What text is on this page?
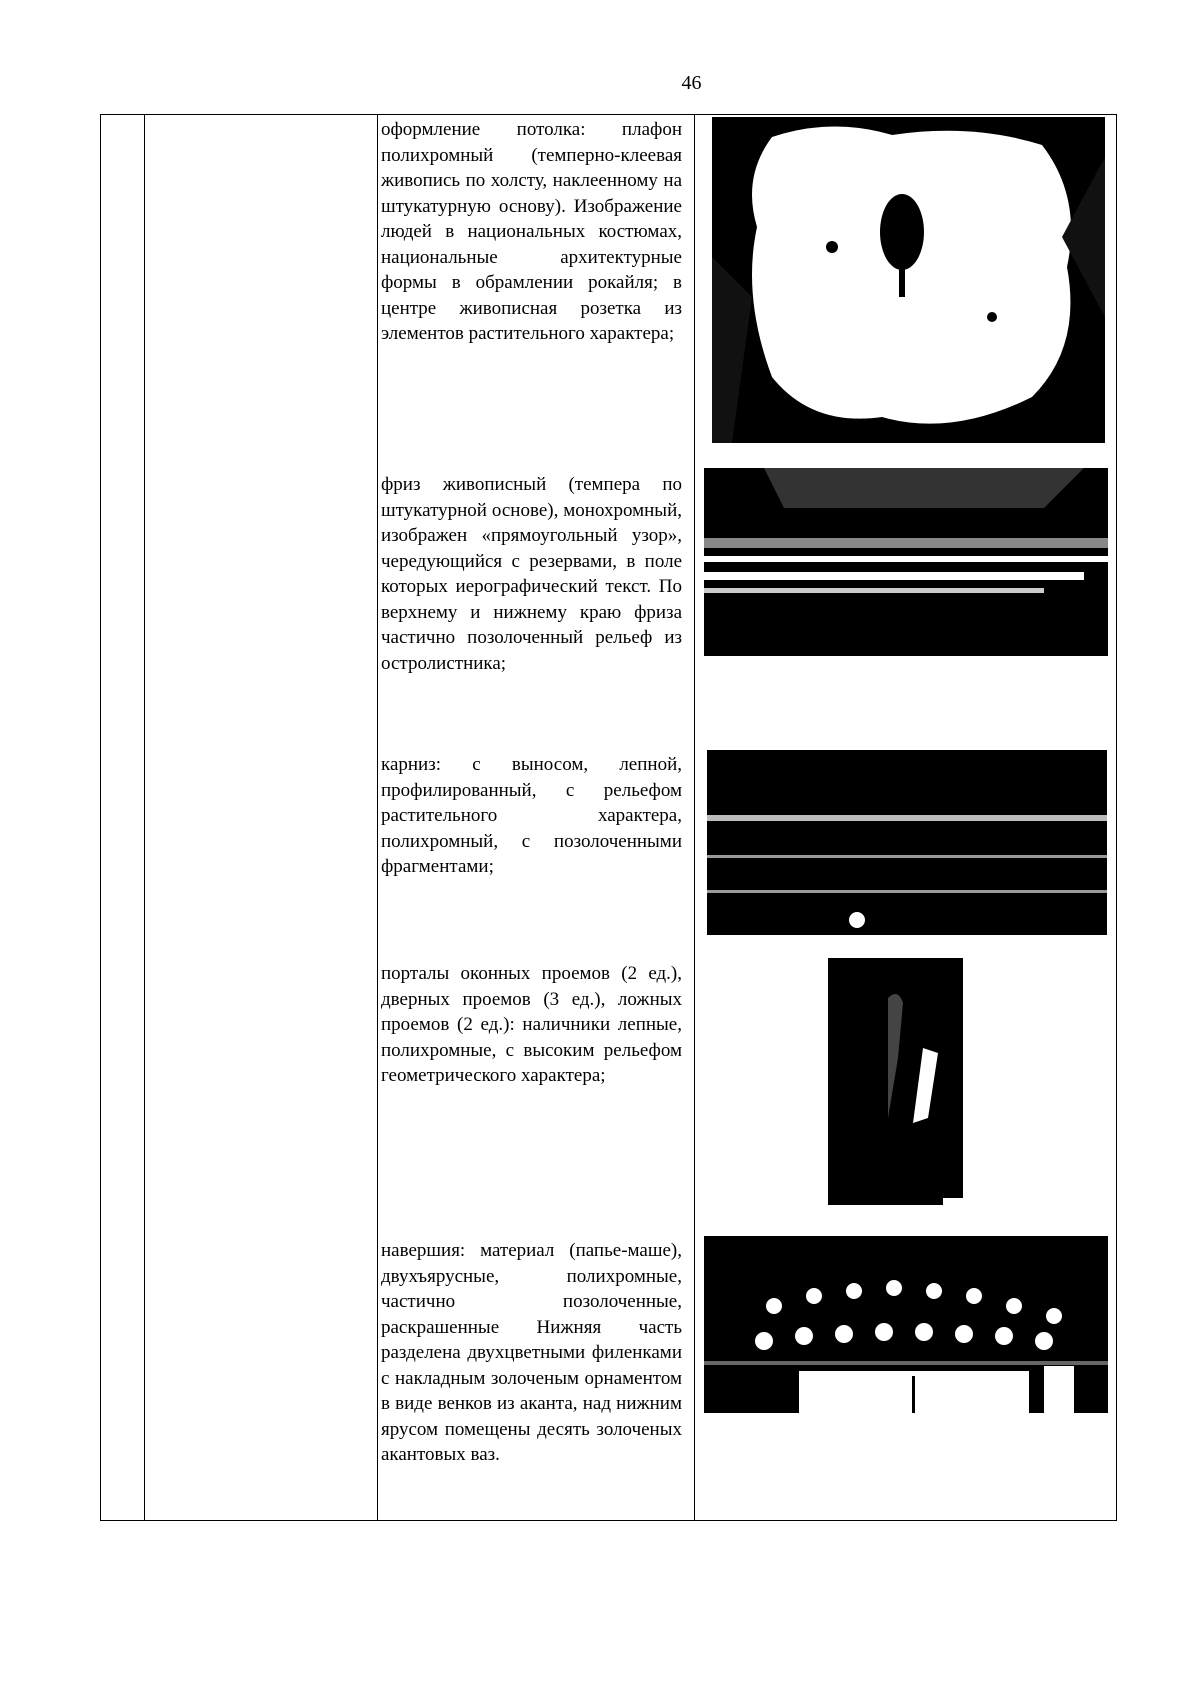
46
оформление потолка: плафон полихромный (темперно-клеевая живопись по холсту, наклеенному на штукатурную основу). Изображение людей в национальных костюмах, национальные архитектурные формы в обрамлении рокайля; в центре живописная розетка из элементов растительного характера;
фриз живописный (темпера по штукатурной основе), монохромный, изображен «прямоугольный узор», чередующийся с резервами, в поле которых иерографический текст. По верхнему и нижнему краю фриза частично позолоченный рельеф из остролистника;
карниз: с выносом, лепной, профилированный, с рельефом растительного характера, полихромный, с позолоченными фрагментами;
порталы оконных проемов (2 ед.), дверных проемов (3 ед.), ложных проемов (2 ед.): наличники лепные, полихромные, с высоким рельефом геометрического характера;
навершия: материал (папье-маше), двухъярусные, полихромные, частично позолоченные, раскрашенные Нижняя часть разделена двухцветными филенками с накладным золоченым орнаментом в виде венков из аканта, над нижним ярусом помещены десять золоченых акантовых ваз.
